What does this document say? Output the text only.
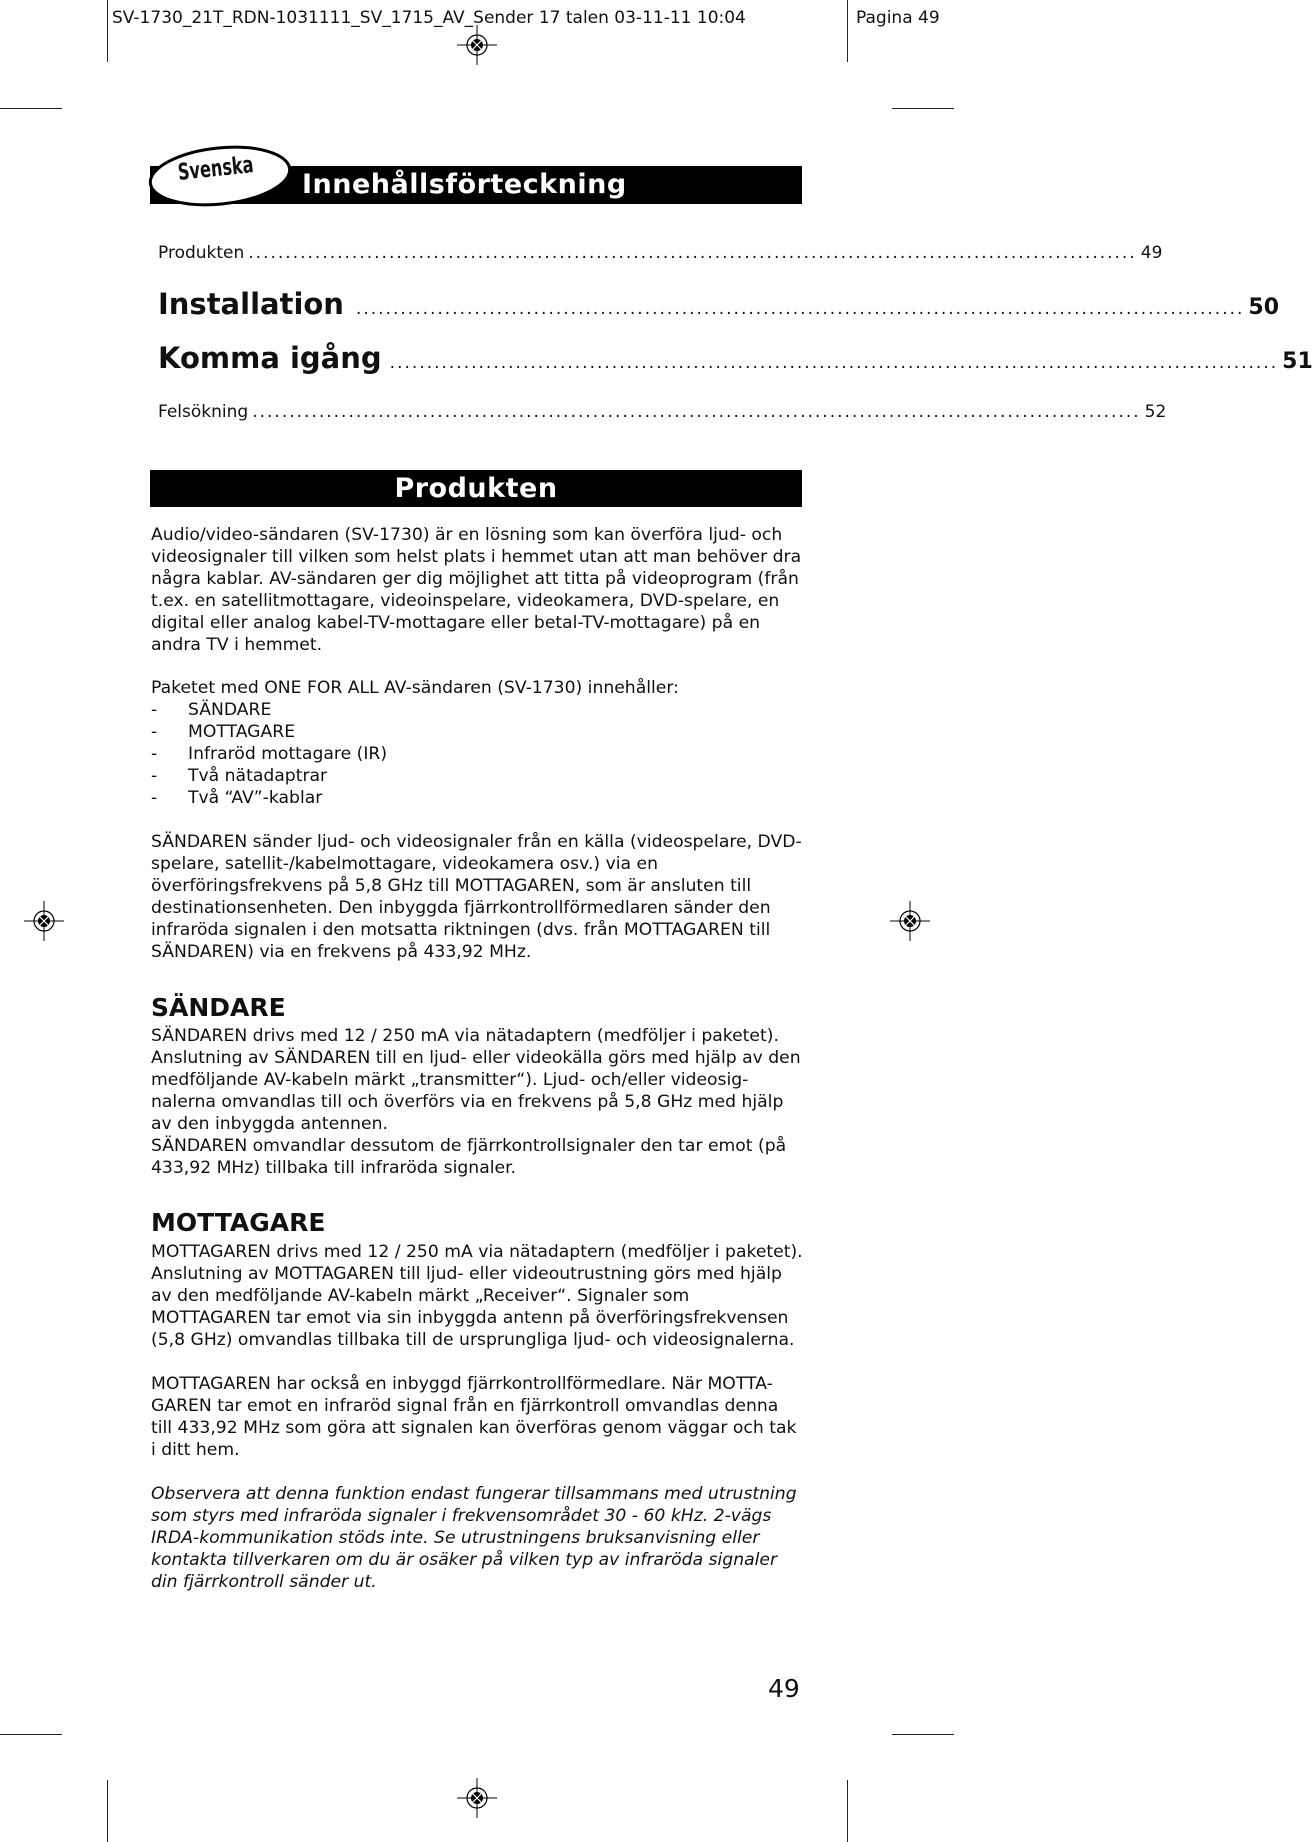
SV-1730_21T_RDN-1031111_SV_1715_AV_Sender 17 talen 03-11-11 10:04	Pagina 49
Svenska Innehållsförteckning
Produkten ........................................................................................................................ 49
Installation ........................................................................................................................ 50
Komma igång ........................................................................................................................ 51
Felsökning ........................................................................................................................ 52
Produkten
Audio/video-sändaren (SV-1730) är en lösning som kan överföra ljud- och videosignaler till vilken som helst plats i hemmet utan att man behöver dra några kablar. AV-sändaren ger dig möjlighet att titta på videoprogram (från t.ex. en satellitmottagare, videoinspelare, videokamera, DVD-spelare, en digital eller analog kabel-TV-mottagare eller betal-TV-mottagare) på en andra TV i hemmet.
Paketet med ONE FOR ALL AV-sändaren (SV-1730) innehåller:
-	SÄNDARE
-	MOTTAGARE
-	Infraröd mottagare (IR)
-	Två nätadaptrar
-	Två “AV”-kablar
SÄNDAREN sänder ljud- och videosignaler från en källa (videospelare, DVD-spelare, satellit-/kabelmottagare, videokamera osv.) via en överföringsfrekvens på 5,8 GHz till MOTTAGAREN, som är ansluten till destinationsenheten. Den inbyggda fjärrkontrollförmedlaren sänder den infraröda signalen i den motsatta riktningen (dvs. från MOTTAGAREN till SÄNDAREN) via en frekvens på 433,92 MHz.
SÄNDARE
SÄNDAREN drivs med 12 / 250 mA via nätadaptern (medföljer i paketet). Anslutning av SÄNDAREN till en ljud- eller videokälla görs med hjälp av den medföljande AV-kabeln märkt „transmitter“). Ljud- och/eller videosig-nalerna omvandlas till och överförs via en frekvens på 5,8 GHz med hjälp av den inbyggda antennen.
SÄNDAREN omvandlar dessutom de fjärrkontrollsignaler den tar emot (på 433,92 MHz) tillbaka till infraröda signaler.
MOTTAGARE
MOTTAGAREN drivs med 12 / 250 mA via nätadaptern (medföljer i paketet). Anslutning av MOTTAGAREN till ljud- eller videoutrustning görs med hjälp av den medföljande AV-kabeln märkt „Receiver“. Signaler som MOTTAGAREN tar emot via sin inbyggda antenn på överföringsfrekvensen (5,8 GHz) omvandlas tillbaka till de ursprungliga ljud- och videosignalerna.
MOTTAGAREN har också en inbyggd fjärrkontrollförmedlare. När MOTTA-GAREN tar emot en infraröd signal från en fjärrkontroll omvandlas denna till 433,92 MHz som göra att signalen kan överföras genom väggar och tak i ditt hem.
Observera att denna funktion endast fungerar tillsammans med utrustning som styrs med infraröda signaler i frekvensområdet 30 - 60 kHz. 2-vägs IRDA-kommunikation stöds inte. Se utrustningens bruksanvisning eller kontakta tillverkaren om du är osäker på vilken typ av infraröda signaler din fjärrkontroll sänder ut.
49
